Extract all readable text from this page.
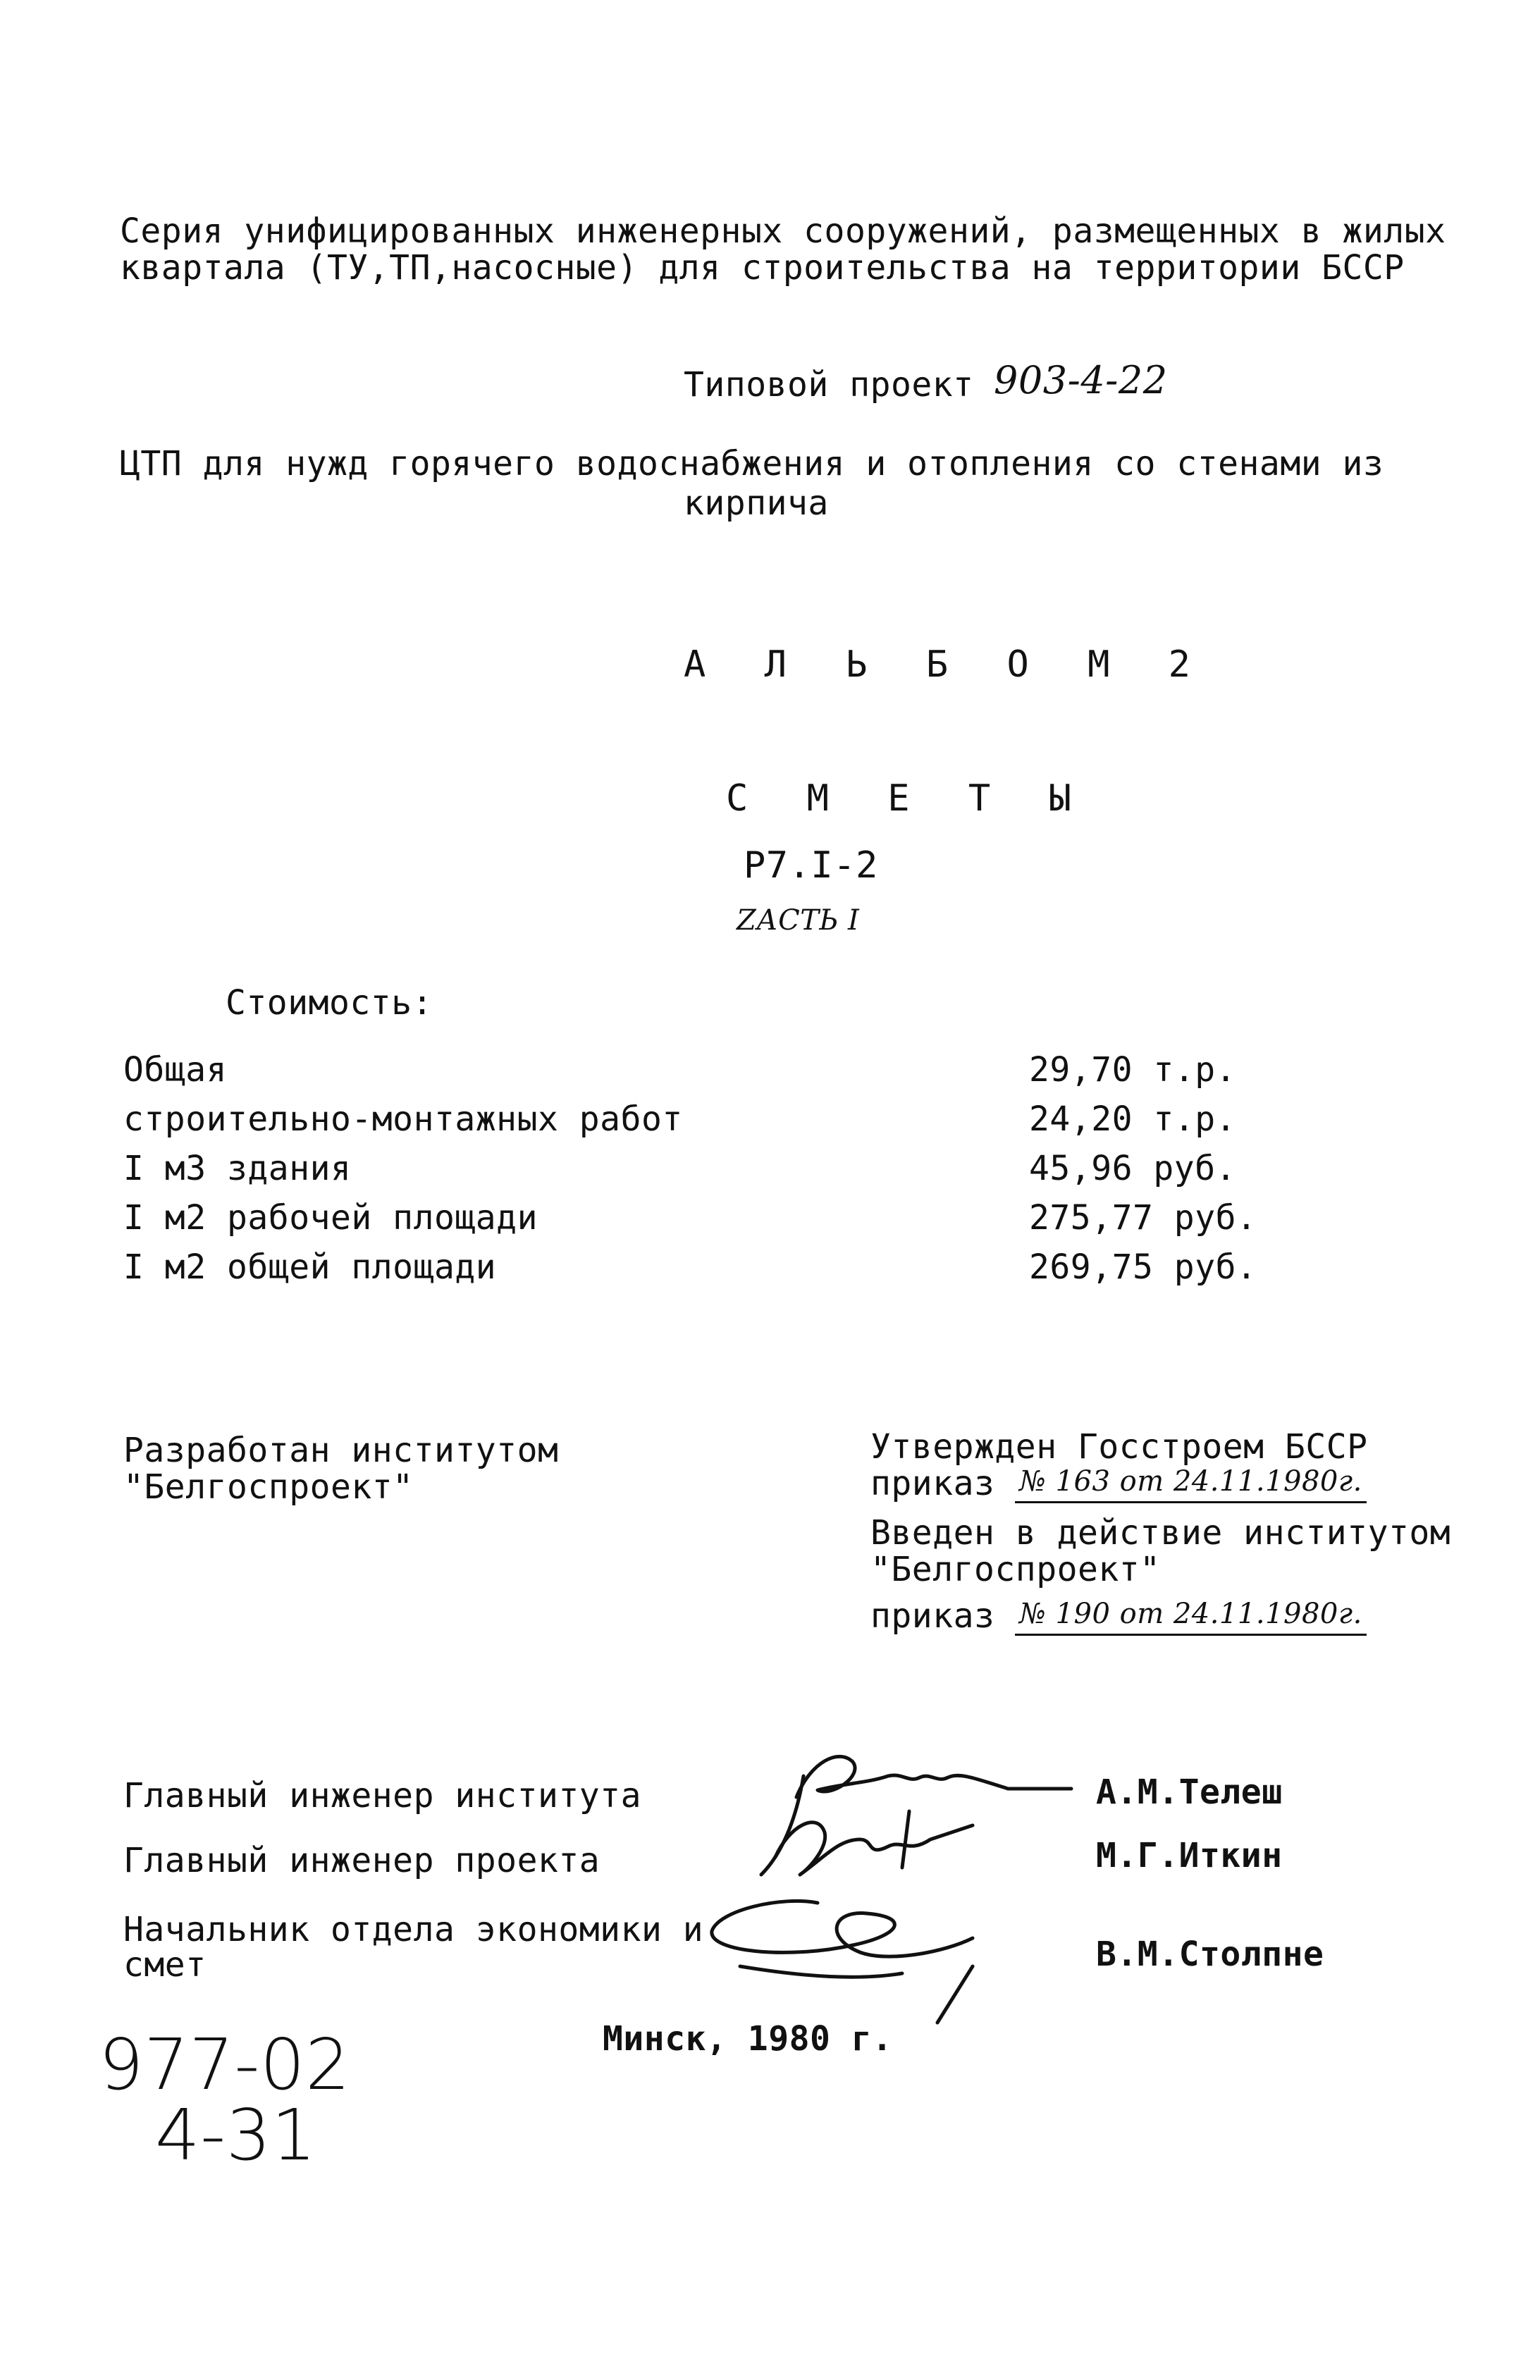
Серия унифицированных инженерных сооружений, размещенных в жилых
квартала (ТУ,ТП,насосные) для строительства на территории БССР
Типовой проект 903-4-22
ЦТП для нужд горячего водоснабжения и отопления со стенами из
кирпича
А Л Ь Б О М 2
С М Е Т Ы
Р7.I-2
ZАСТЬ I
Стоимость:
Общая	29,70 т.р.
строительно-монтажных работ	24,20 т.р.
I м3 здания	45,96 руб.
I м2 рабочей площади	275,77 руб.
I м2 общей площади	269,75 руб.
Разработан институтом
"Белгоспроект"
Утвержден Госстроем БССР
приказ № 163 от 24.11.1980г.
Введен в действие институтом
"Белгоспроект"
приказ № 190 от 24.11.1980г.
Главный инженер института	А.М.Телеш
Главный инженер проекта	М.Г.Иткин
Начальник отдела экономики и
смет	В.М.Столпне
Минск, 1980 г.
977-02
4-31
